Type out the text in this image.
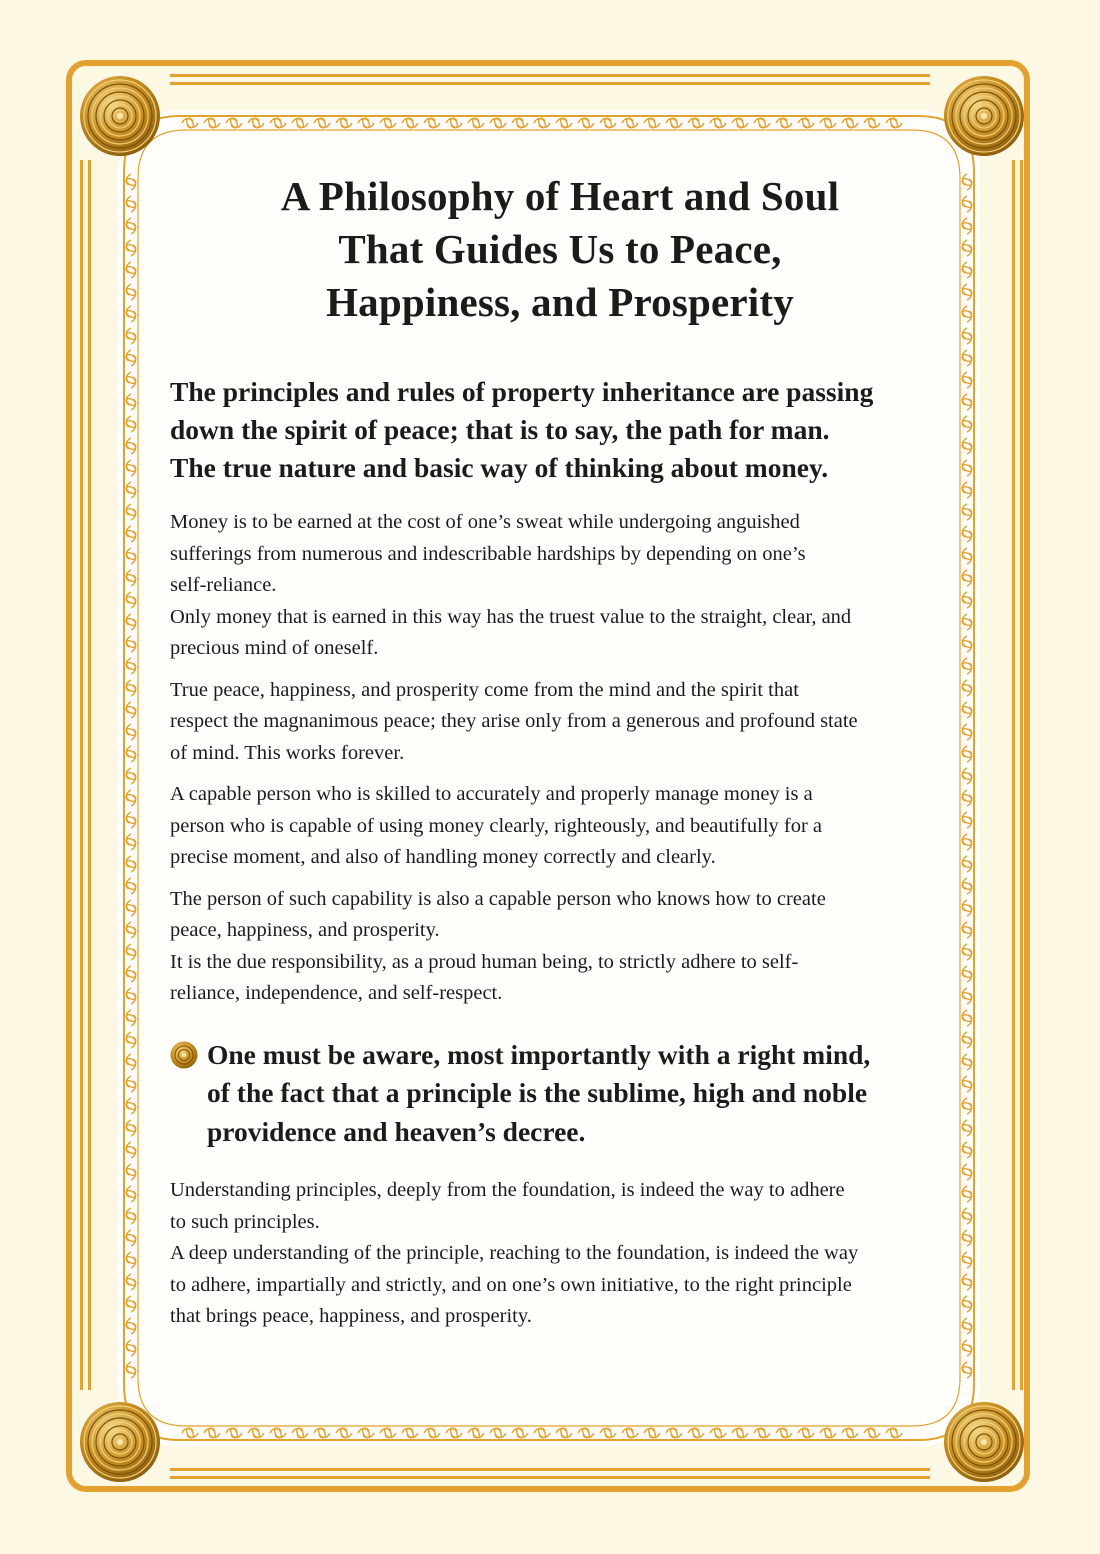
A Philosophy of Heart and Soul
That Guides Us to Peace,
Happiness, and Prosperity

The principles and rules of property inheritance are passing
down the spirit of peace; that is to say, the path for man.
The true nature and basic way of thinking about money.

Money is to be earned at the cost of one’s sweat while undergoing anguished
sufferings from numerous and indescribable hardships by depending on one’s
self-reliance.
Only money that is earned in this way has the truest value to the straight, clear, and
precious mind of oneself.

True peace, happiness, and prosperity come from the mind and the spirit that
respect the magnanimous peace; they arise only from a generous and profound state
of mind. This works forever.

A capable person who is skilled to accurately and properly manage money is a
person who is capable of using money clearly, righteously, and beautifully for a
precise moment, and also of handling money correctly and clearly.

The person of such capability is also a capable person who knows how to create
peace, happiness, and prosperity.
It is the due responsibility, as a proud human being, to strictly adhere to self-
reliance, independence, and self-respect.

One must be aware, most importantly with a right mind,
of the fact that a principle is the sublime, high and noble
providence and heaven’s decree.

Understanding principles, deeply from the foundation, is indeed the way to adhere
to such principles.
A deep understanding of the principle, reaching to the foundation, is indeed the way
to adhere, impartially and strictly, and on one’s own initiative, to the right principle
that brings peace, happiness, and prosperity.
